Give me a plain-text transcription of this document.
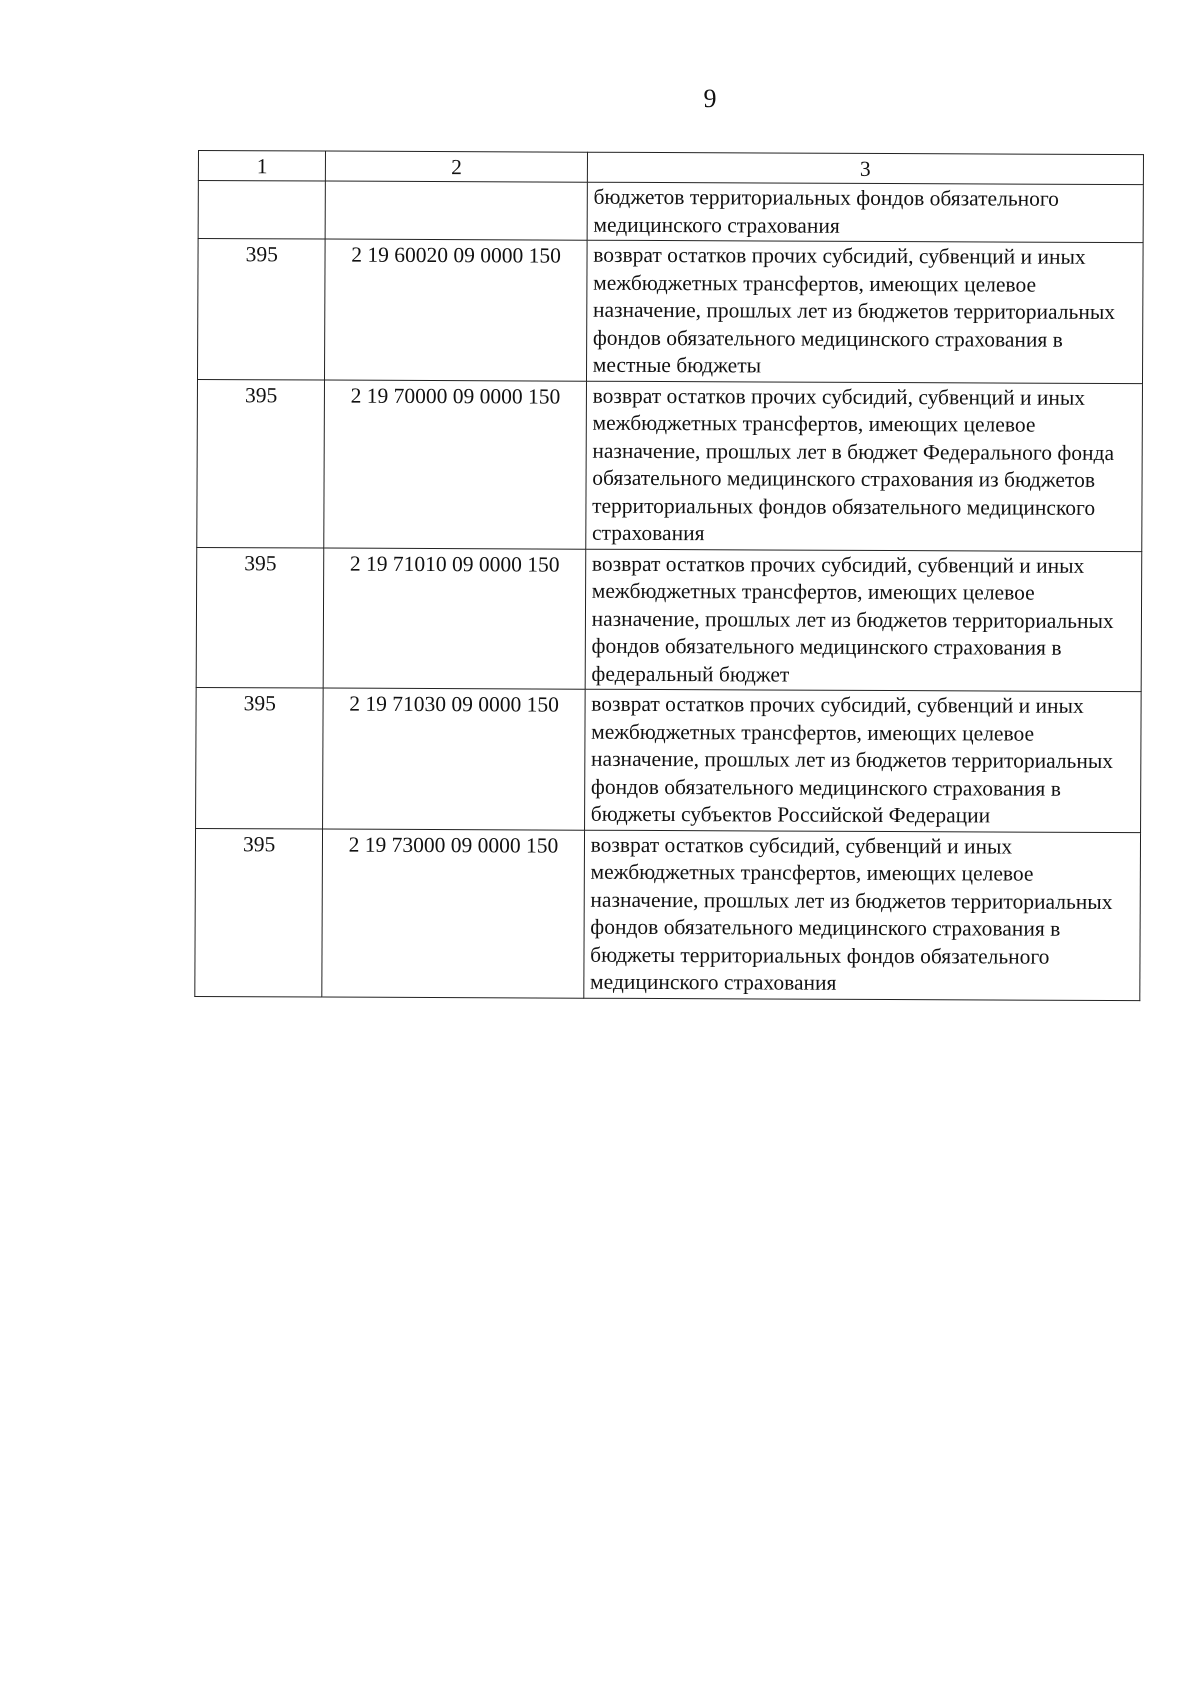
9
1	2	3
		бюджетов территориальных фондов обязательного медицинского страхования
395	2 19 60020 09 0000 150	возврат остатков прочих субсидий, субвенций и иных межбюджетных трансфертов, имеющих целевое назначение, прошлых лет из бюджетов территориальных фондов обязательного медицинского страхования в местные бюджеты
395	2 19 70000 09 0000 150	возврат остатков прочих субсидий, субвенций и иных межбюджетных трансфертов, имеющих целевое назначение, прошлых лет в бюджет Федерального фонда обязательного медицинского страхования из бюджетов территориальных фондов обязательного медицинского страхования
395	2 19 71010 09 0000 150	возврат остатков прочих субсидий, субвенций и иных межбюджетных трансфертов, имеющих целевое назначение, прошлых лет из бюджетов территориальных фондов обязательного медицинского страхования в федеральный бюджет
395	2 19 71030 09 0000 150	возврат остатков прочих субсидий, субвенций и иных межбюджетных трансфертов, имеющих целевое назначение, прошлых лет из бюджетов территориальных фондов обязательного медицинского страхования в бюджеты субъектов Российской Федерации
395	2 19 73000 09 0000 150	возврат остатков субсидий, субвенций и иных межбюджетных трансфертов, имеющих целевое назначение, прошлых лет из бюджетов территориальных фондов обязательного медицинского страхования в бюджеты территориальных фондов обязательного медицинского страхования
